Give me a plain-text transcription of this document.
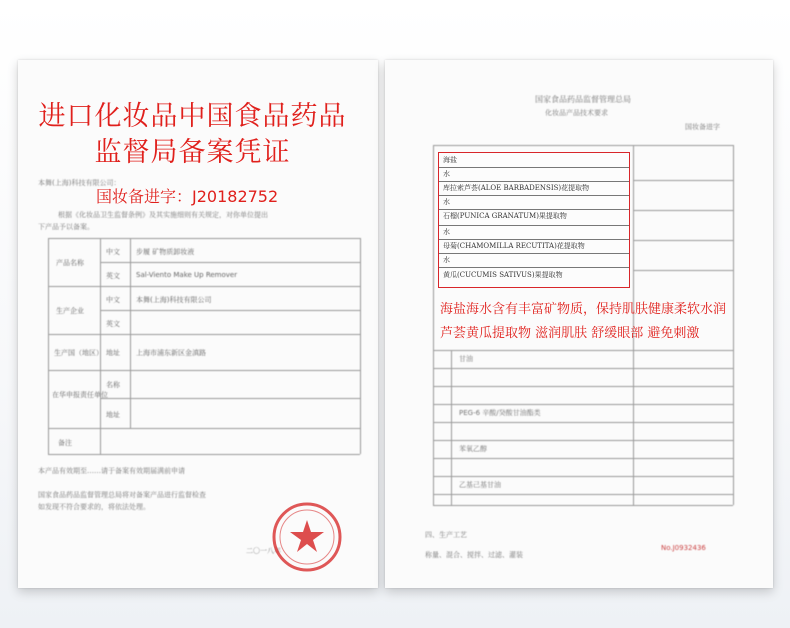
本舞(上海)科技有限公司：
根据《化妆品卫生监督条例》及其实施细则有关规定，对你单位提出
下产品予以备案。
产品名称
中文 步履 矿物质卸妆液
英文 Sal-Viento Make Up Remover
生产企业
中文 本舞(上海)科技有限公司
英文
生产国（地区） 地址 上海市浦东新区金滇路
在华申报责任单位
名称
地址
备注
本产品有效期至……请于备案有效期届满前申请
国家食品药品监督管理总局将对备案产品进行监督检查
如发现不符合要求的，将依法处理。
二〇一八年
国家食品药品监督管理总局
化妆品产品技术要求
国妆备进字
甘油
PEG-6 辛酸/癸酸甘油酯类
苯氧乙醇
乙基己基甘油
四、生产工艺
称量、混合、搅拌、过滤、灌装
No.J0932436
进口化妆品中国食品药品
监督局备案凭证
国妆备进字：J20182752
海盐
水
库拉索芦荟(ALOE BARBADENSIS)花提取物
水
石榴(PUNICA GRANATUM)果提取物
水
母菊(CHAMOMILLA RECUTITA)花提取物
水
黄瓜(CUCUMIS SATIVUS)果提取物
海盐海水含有丰富矿物质，保持肌肤健康柔软水润
芦荟黄瓜提取物 滋润肌肤 舒缓眼部 避免刺激
